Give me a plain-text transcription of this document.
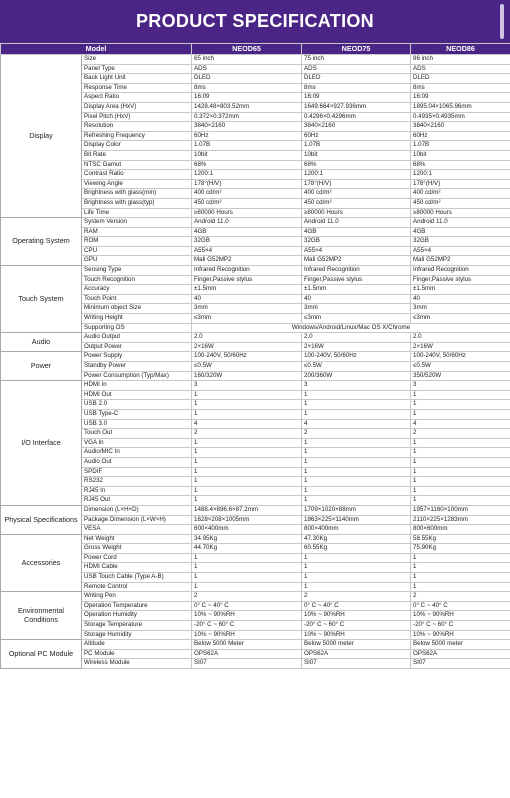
PRODUCT SPECIFICATION
Model		NEOD65	NEOD75	NEOD86
Display	Size	65 inch	75 inch	86 inch
	Panel Type	ADS	ADS	ADS
	Back Light Unit	DLED	DLED	DLED
	Response Time	8ms	8ms	8ms
	Aspect Ratio	16:09	16:09	16:09
	Display Area (HxV)	1428.48×803.52mm	1649.664×927.936mm	1895.04×1065.96mm
	Pixel Pitch (HxV)	0.372×0.372mm	0.4296×0.4296mm	0.4935×0.4935mm
	Resolution	3840×2160	3840×2160	3840×2160
	Refreshing Frequency	60Hz	60Hz	60Hz
	Display Color	1.07B	1.07B	1.07B
	Bit Rate	10bit	10bit	10bit
	NTSC Gamut	68%	68%	68%
	Contrast Ratio	1200:1	1200:1	1200:1
	Viewing Angle	178°(H/V)	178°(H/V)	178°(H/V)
	Brightness with glass(min)	400 cd/m²	400 cd/m²	400 cd/m²
	Brightness with glass(typ)	450 cd/m²	450 cd/m²	450 cd/m²
	Life Time	≥80000 Hours	≥80000 Hours	≥80000 Hours
Operating System	System Version	Android 11.0	Android 11.0	Android 11.0
	RAM	4GB	4GB	4GB
	ROM	32GB	32GB	32GB
	CPU	A55×4	A55×4	A55×4
	GPU	Mali G52MP2	Mali G52MP2	Mali G52MP2
Touch System	Sensing Type	Infrared Recognition	Infrared Recognition	Infrared Recognition
	Touch Recognition	Finger,Passive stylus	Finger,Passive stylus	Finger,Passive stylus
	Accuracy	±1.5mm	±1.5mm	±1.5mm
	Touch Point	40	40	40
	Minimum object Size	3mm	3mm	3mm
	Writing Height	≤3mm	≤3mm	≤3mm
	Supporting OS	Windows/Android/Linux/Mac OS X/Chrome		
Audio	Audio Output	2.0	2.0	2.0
	Output Power	2×16W	2×16W	2×16W
Power	Power Supply	100-240V, 50/60Hz	100-240V, 50/60Hz	100-240V, 50/60Hz
	Standby Power	≤0.5W	≤0.5W	≤0.5W
	Power Consumption (Typ/Max)	160/320W	200/360W	350/520W
I/O Interface	HDMI In	3	3	3
	HDMI Out	1	1	1
	USB 2.0	1	1	1
	USB Type-C	1	1	1
	USB 3.0	4	4	4
	Touch Out	2	2	2
	VGA In	1	1	1
	Audio/MIC In	1	1	1
	Audio Out	1	1	1
	SPDIF	1	1	1
	RS232	1	1	1
	RJ45 In	1	1	1
	RJ45 Out	1	1	1
Physical Specifications	Dimension (L×H×D)	1488.4×896.6×87.2mm	1709×1020×88mm	1957×1160×100mm
	Package Dimension (L×W×H)	1628×208×1005mm	1863×225×1140mm	2110×225×1283mm
	VESA	600×400mm	800×400mm	800×600mm
Accessories	Net Weight	34.95Kg	47.30Kg	58.55Kg
	Gross Weight	44.70Kg	60.55Kg	75.90Kg
	Power Cord	1	1	1
	HDMI Cable	1	1	1
	USB Touch Cable (Type A-B)	1	1	1
	Remote Control	1	1	1
Environmental Conditions	Writing Pen	2	2	2
	Operation Temperature	0° C ~ 40° C	0° C ~ 40° C	0° C ~ 40° C
	Operation Humidity	10% ~ 90%RH	10% ~ 90%RH	10% ~ 90%RH
	Storage Temperature	-20° C ~ 60° C	-20° C ~ 60° C	-20° C ~ 60° C
	Storage Humidity	10% ~ 90%RH	10% ~ 90%RH	10% ~ 90%RH
Optional PC Module	Altitude	Below 5000 Meter	Below 5000 meter	Below 5000 meter
	PC Module	OPS62A	OPS62A	OPS62A
	Wireless Module	SI07	SI07	SI07
